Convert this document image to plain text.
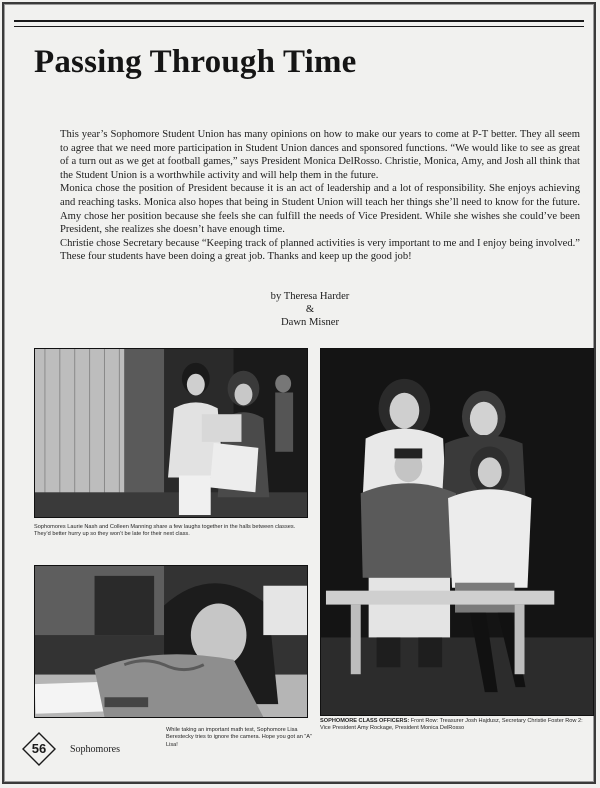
Passing Through Time

This year’s Sophomore Student Union has many opinions on how to make our years to come at P-T better. They all seem to agree that we need more participation in Student Union dances and sponsored functions. “We would like to see as great of a turn out as we get at football games,” says President Monica DelRosso. Christie, Monica, Amy, and Josh all think that the Student Union is a worthwhile activity and will help them in the future.

Monica chose the position of President because it is an act of leadership and a lot of responsibility. She enjoys achieving and reaching tasks. Monica also hopes that being in Student Union will teach her things she’ll need to know for the future. Amy chose her position because she feels she can fulfill the needs of Vice President. While she wishes she could’ve been President, she realizes she doesn’t have enough time.

Christie chose Secretary because “Keeping track of planned activities is very important to me and I enjoy being involved.” These four students have been doing a great job. Thanks and keep up the good job!

by Theresa Harder
&
Dawn Misner
Sophomores Laurie Nash and Colleen Manning share a few laughs together in the halls between classes. They’d better hurry up so they won’t be late for their next class.
While taking an important math test, Sophomore Lisa Berestecky tries to ignore the camera. Hope you got an “A” Lisa!
SOPHOMORE CLASS OFFICERS: Front Row: Treasurer Josh Hajdusz, Secretary Christie Foster Row 2: Vice President Amy Rockage, President Monica DelRosso
56	Sophomores
